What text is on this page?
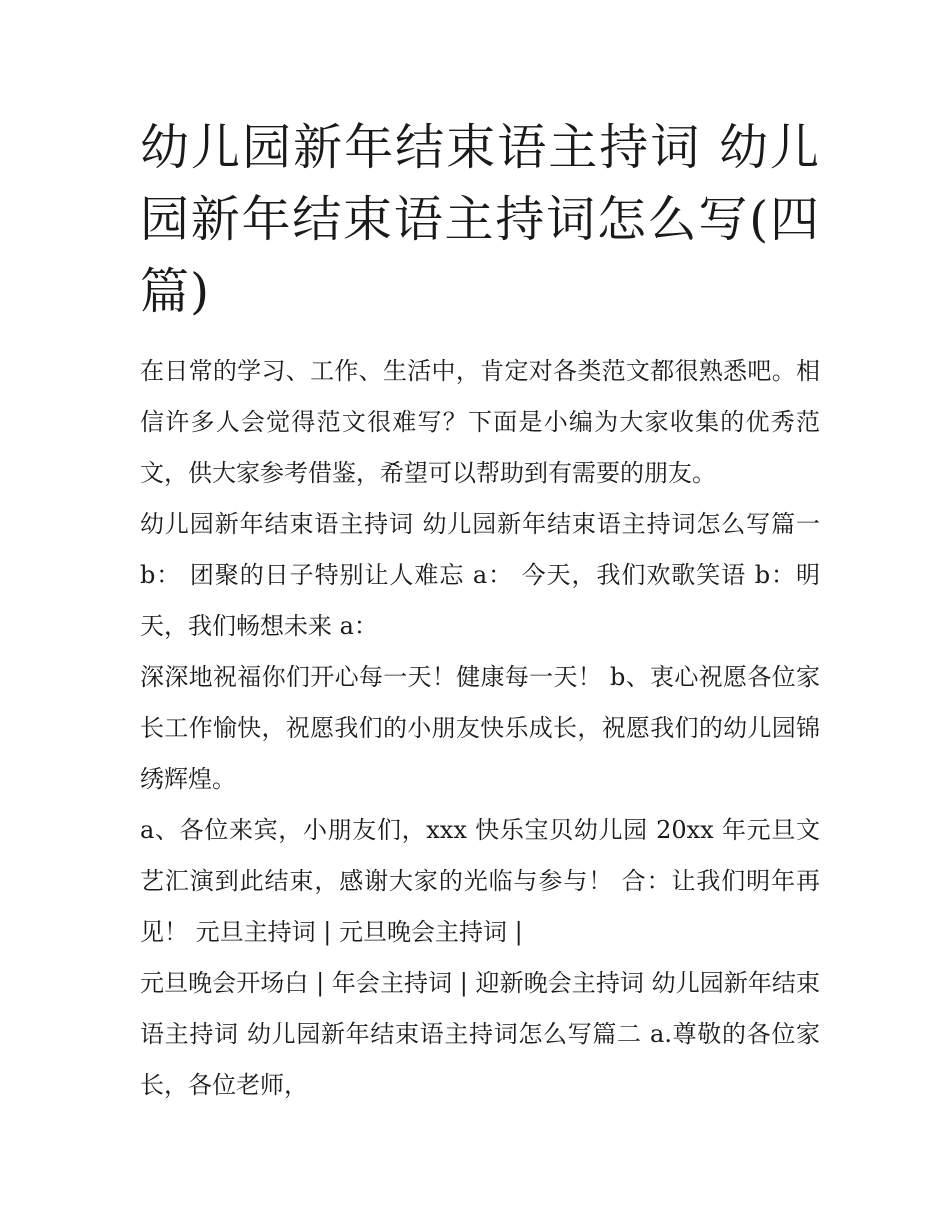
幼儿园新年结束语主持词 幼儿园新年结束语主持词怎么写(四篇)

在日常的学习、工作、生活中，肯定对各类范文都很熟悉吧。相信许多人会觉得范文很难写？下面是小编为大家收集的优秀范文，供大家参考借鉴，希望可以帮助到有需要的朋友。

幼儿园新年结束语主持词 幼儿园新年结束语主持词怎么写篇一 b： 团聚的日子特别让人难忘 a： 今天，我们欢歌笑语 b：明天，我们畅想未来 a：

深深地祝福你们开心每一天！健康每一天！ b、衷心祝愿各位家长工作愉快，祝愿我们的小朋友快乐成长，祝愿我们的幼儿园锦绣辉煌。

a、各位来宾，小朋友们，xxx 快乐宝贝幼儿园 20xx 年元旦文艺汇演到此结束，感谢大家的光临与参与！ 合：让我们明年再见！ 元旦主持词 | 元旦晚会主持词 |

元旦晚会开场白 | 年会主持词 | 迎新晚会主持词 幼儿园新年结束语主持词 幼儿园新年结束语主持词怎么写篇二 a.尊敬的各位家长，各位老师，
